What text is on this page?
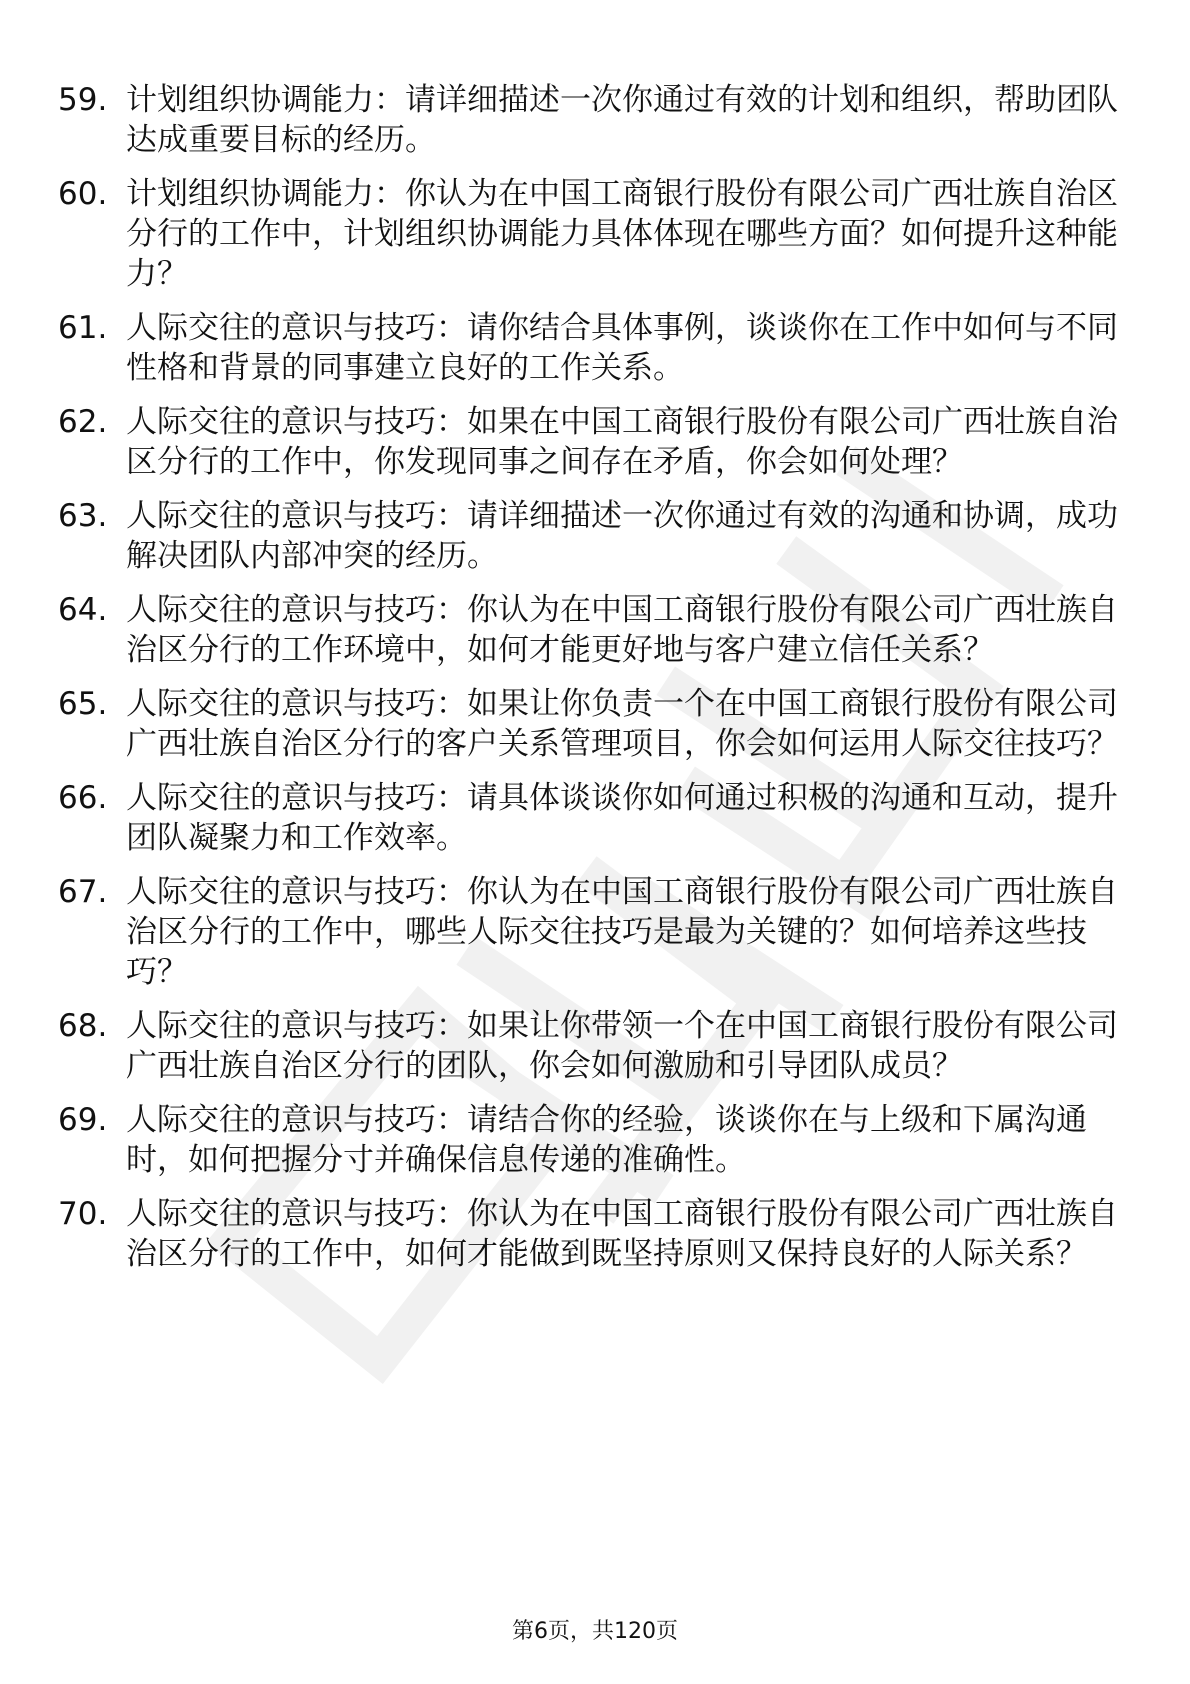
59. 计划组织协调能力：请详细描述一次你通过有效的计划和组织，帮助团队达成重要目标的经历。
60. 计划组织协调能力：你认为在中国工商银行股份有限公司广西壮族自治区分行的工作中，计划组织协调能力具体体现在哪些方面？如何提升这种能力？
61. 人际交往的意识与技巧：请你结合具体事例，谈谈你在工作中如何与不同性格和背景的同事建立良好的工作关系。
62. 人际交往的意识与技巧：如果在中国工商银行股份有限公司广西壮族自治区分行的工作中，你发现同事之间存在矛盾，你会如何处理？
63. 人际交往的意识与技巧：请详细描述一次你通过有效的沟通和协调，成功解决团队内部冲突的经历。
64. 人际交往的意识与技巧：你认为在中国工商银行股份有限公司广西壮族自治区分行的工作环境中，如何才能更好地与客户建立信任关系？
65. 人际交往的意识与技巧：如果让你负责一个在中国工商银行股份有限公司广西壮族自治区分行的客户关系管理项目，你会如何运用人际交往技巧？
66. 人际交往的意识与技巧：请具体谈谈你如何通过积极的沟通和互动，提升团队凝聚力和工作效率。
67. 人际交往的意识与技巧：你认为在中国工商银行股份有限公司广西壮族自治区分行的工作中，哪些人际交往技巧是最为关键的？如何培养这些技巧？
68. 人际交往的意识与技巧：如果让你带领一个在中国工商银行股份有限公司广西壮族自治区分行的团队，你会如何激励和引导团队成员？
69. 人际交往的意识与技巧：请结合你的经验，谈谈你在与上级和下属沟通时，如何把握分寸并确保信息传递的准确性。
70. 人际交往的意识与技巧：你认为在中国工商银行股份有限公司广西壮族自治区分行的工作中，如何才能做到既坚持原则又保持良好的人际关系？
第6页，共120页
